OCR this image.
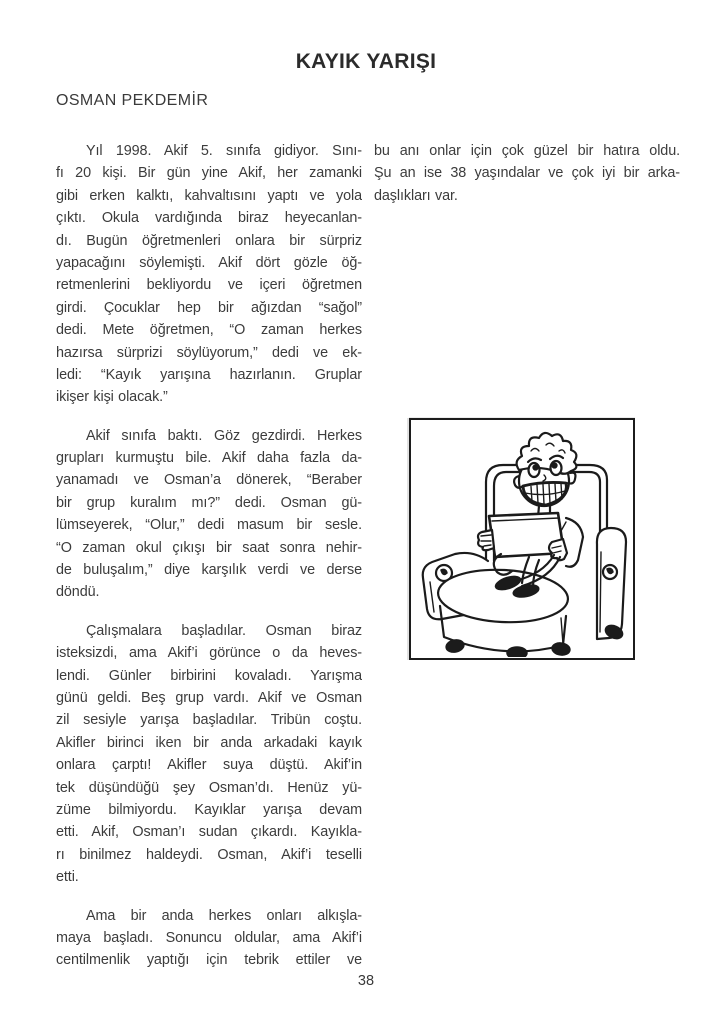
KAYIK YARIŞI
OSMAN PEKDEMİR
Yıl 1998. Akif 5. sınıfa gidiyor. Sını-
fı 20 kişi. Bir gün yine Akif, her zamanki
gibi erken kalktı, kahvaltısını yaptı ve yola
çıktı. Okula vardığında biraz heyecanlan-
dı. Bugün öğretmenleri onlara bir sürpriz
yapacağını söylemişti. Akif dört gözle öğ-
retmenlerini bekliyordu ve içeri öğretmen
girdi. Çocuklar hep bir ağızdan “sağol”
dedi. Mete öğretmen, “O zaman herkes
hazırsa sürprizi söylüyorum,” dedi ve ek-
ledi: “Kayık yarışına hazırlanın. Gruplar
ikişer kişi olacak.”
Akif sınıfa baktı. Göz gezdirdi. Herkes
grupları kurmuştu bile. Akif daha fazla da-
yanamadı ve Osman’a dönerek, “Beraber
bir grup kuralım mı?” dedi. Osman gü-
lümseyerek, “Olur,” dedi masum bir sesle.
“O zaman okul çıkışı bir saat sonra nehir-
de buluşalım,” diye karşılık verdi ve derse
döndü.
Çalışmalara başladılar. Osman biraz
isteksizdi, ama Akif’i görünce o da heves-
lendi. Günler birbirini kovaladı. Yarışma
günü geldi. Beş grup vardı. Akif ve Osman
zil sesiyle yarışa başladılar. Tribün coştu.
Akifler birinci iken bir anda arkadaki kayık
onlara çarptı! Akifler suya düştü. Akif’in
tek düşündüğü şey Osman’dı. Henüz yü-
züme bilmiyordu. Kayıklar yarışa devam
etti. Akif, Osman’ı sudan çıkardı. Kayıkla-
rı binilmez haldeydi. Osman, Akif’i teselli
etti.
Ama bir anda herkes onları alkışla-
maya başladı. Sonuncu oldular, ama Akif’i
centilmenlik yaptığı için tebrik ettiler ve
bu anı onlar için çok güzel bir hatıra oldu.
Şu an ise 38 yaşındalar ve çok iyi bir arka-
daşlıkları var.
38
